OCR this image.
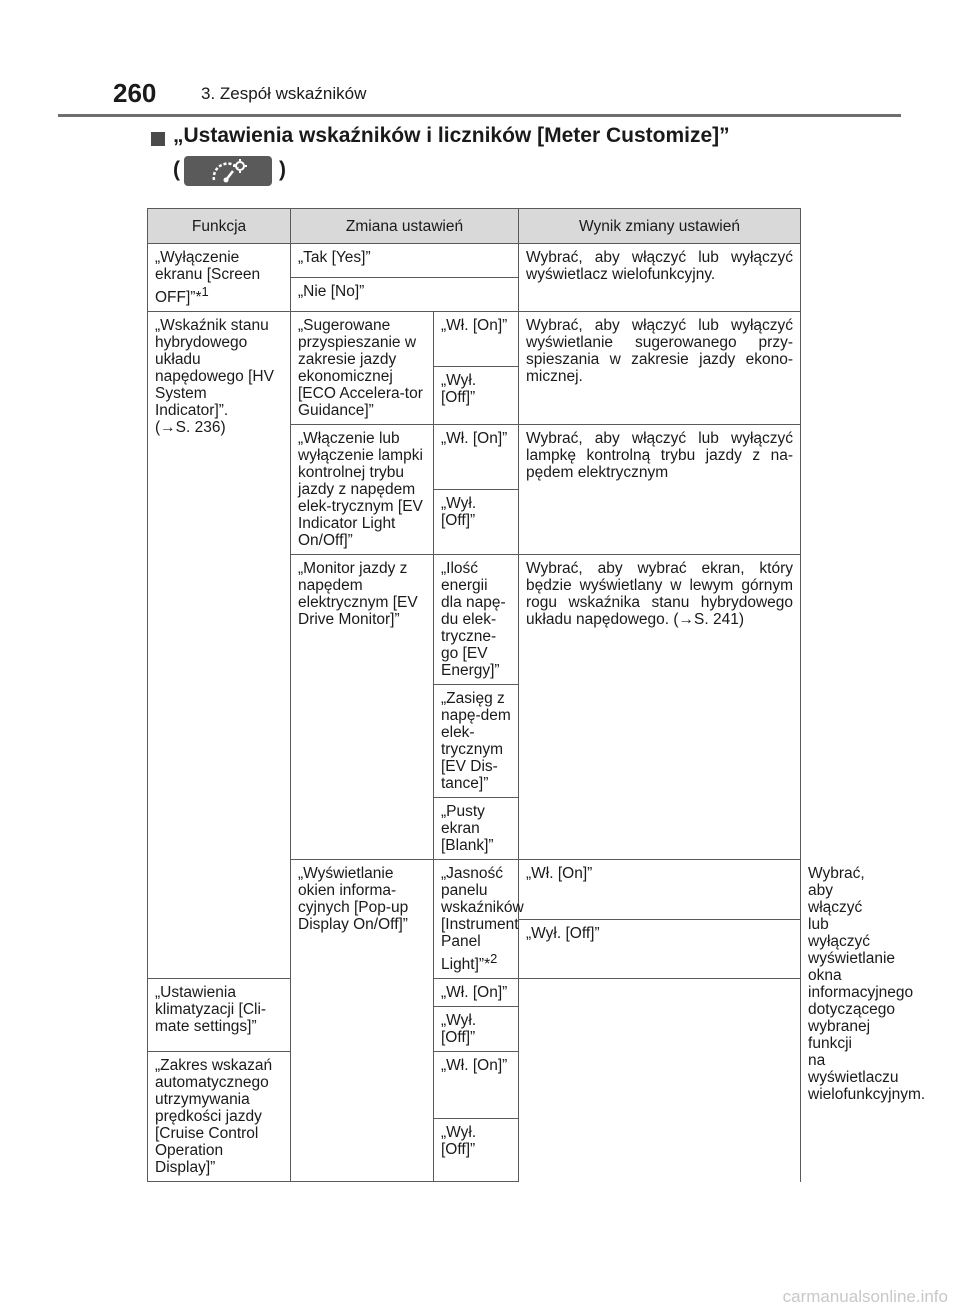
260	3. Zespół wskaźników
„Ustawienia wskaźników i liczników [Meter Customize]”
(	)
Funkcja	Zmiana ustawień		Wynik zmiany ustawień	
„Wyłączenie ekranu [Screen OFF]”*$^1$	„Tak [Yes]”		Wybrać, aby włączyć lub wyłączyć wyświetlacz wielofunkcyjny.	
	„Nie [No]”			
„Wskaźnik stanu hybrydowego układu napędowego [HV System Indicator]”.
(→S. 236)	„Sugerowane przyspieszanie w zakresie jazdy ekonomicznej [ECO Accelera-tor Guidance]”	„Wł. [On]”	Wybrać, aby włączyć lub wyłączyć wyświetlanie sugerowanego przy-spieszania w zakresie jazdy ekono-micznej.	
		„Wył. [Off]”		
	„Włączenie lub wyłączenie lampki kontrolnej trybu jazdy z napędem elek-trycznym [EV Indicator Light On/Off]”	„Wł. [On]”	Wybrać, aby włączyć lub wyłączyć lampkę kontrolną trybu jazdy z na-pędem elektrycznym	
		„Wył. [Off]”		
	„Monitor jazdy z napędem elektrycznym [EV Drive Monitor]”	„Ilość energii dla napę-du elek-tryczne-go [EV Energy]”	Wybrać, aby wybrać ekran, który będzie wyświetlany w lewym górnym rogu wskaźnika stanu hybrydowego układu napędowego. (→S. 241)	
		„Zasięg z napę-dem elek-trycznym [EV Dis-tance]”		
		„Pusty ekran [Blank]”		
	„Wyświetlanie okien informa-cyjnych [Pop-up Display On/Off]”	„Jasność panelu wskaźników [Instrument Panel Light]”*$^2$	„Wł. [On]”	Wybrać, aby włączyć lub wyłączyć wyświetlanie okna informacyjnego dotyczącego wybranej funkcji na wyświetlaczu wielofunkcyjnym.
			„Wył. [Off]”	
„Ustawienia klimatyzacji [Cli-mate settings]”		„Wł. [On]”		
		„Wył. [Off]”		
„Zakres wskazań automatycznego utrzymywania prędkości jazdy [Cruise Control Operation Display]”		„Wł. [On]”		
		„Wył. [Off]”		
carmanualsonline.info
